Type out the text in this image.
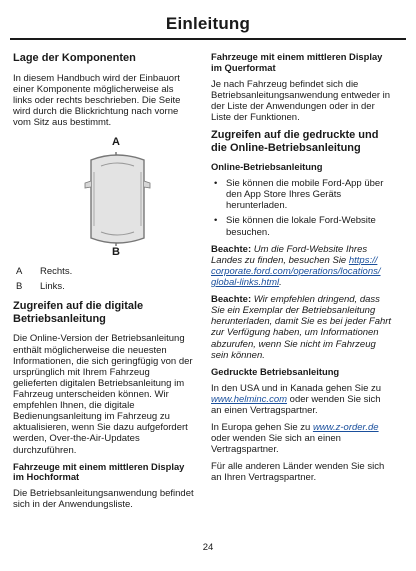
Einleitung
Lage der Komponenten

In diesem Handbuch wird der Einbauort einer Komponente möglicherweise als links oder rechts beschrieben. Die Seite wird durch die Blickrichtung nach vorne vom Sitz aus bestimmt.

A
B
A	Rechts.
B	Links.
Zugreifen auf die digitale Betriebsanleitung

Die Online-Version der Betriebsanleitung enthält möglicherweise die neuesten Informationen, die sich geringfügig von der ursprünglich mit Ihrem Fahrzeug gelieferten digitalen Betriebsanleitung im Fahrzeug unterscheiden können. Wir empfehlen Ihnen, die digitale Bedienungsanleitung im Fahrzeug zu aktualisieren, wenn Sie dazu aufgefordert werden, Over-the-Air-Updates durchzuführen.

Fahrzeuge mit einem mittleren Display im Hochformat

Die Betriebsanleitungsanwendung befindet sich in der Anwendungsliste.

Fahrzeuge mit einem mittleren Display im Querformat

Je nach Fahrzeug befindet sich die Betriebsanleitungsanwendung entweder in der Liste der Anwendungen oder in der Liste der Funktionen.

Zugreifen auf die gedruckte und die Online-Betriebsanleitung
Online-Betriebsanleitung
• Sie können die mobile Ford-App über den App Store Ihres Geräts herunterladen.
• Sie können die lokale Ford-Website besuchen.

Beachte: Um die Ford-Website Ihres Landes zu finden, besuchen Sie https:// corporate.ford.com/operations/locations/ global-links.html.

Beachte: Wir empfehlen dringend, dass Sie ein Exemplar der Betriebsanleitung herunterladen, damit Sie es bei jeder Fahrt zur Verfügung haben, um Informationen abzurufen, wenn Sie nicht im Fahrzeug sein können.

Gedruckte Betriebsanleitung

In den USA und in Kanada gehen Sie zu www.helminc.com oder wenden Sie sich an einen Vertragspartner.

In Europa gehen Sie zu www.z-order.de oder wenden Sie sich an einen Vertragspartner.

Für alle anderen Länder wenden Sie sich an Ihren Vertragspartner.

24
